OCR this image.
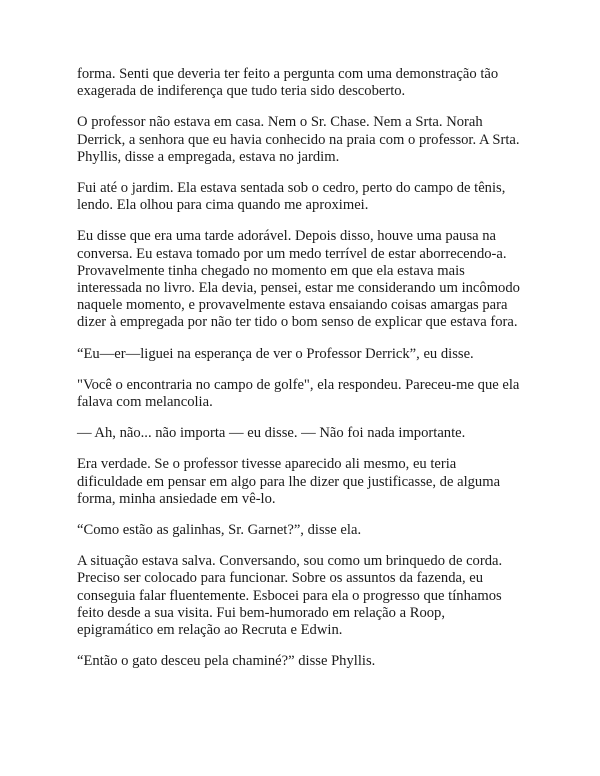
forma. Senti que deveria ter feito a pergunta com uma demonstração tão
exagerada de indiferença que tudo teria sido descoberto.

O professor não estava em casa. Nem o Sr. Chase. Nem a Srta. Norah
Derrick, a senhora que eu havia conhecido na praia com o professor. A Srta.
Phyllis, disse a empregada, estava no jardim.

Fui até o jardim. Ela estava sentada sob o cedro, perto do campo de tênis,
lendo. Ela olhou para cima quando me aproximei.

Eu disse que era uma tarde adorável. Depois disso, houve uma pausa na
conversa. Eu estava tomado por um medo terrível de estar aborrecendo-a.
Provavelmente tinha chegado no momento em que ela estava mais
interessada no livro. Ela devia, pensei, estar me considerando um incômodo
naquele momento, e provavelmente estava ensaiando coisas amargas para
dizer à empregada por não ter tido o bom senso de explicar que estava fora.

“Eu—er—liguei na esperança de ver o Professor Derrick”, eu disse.

"Você o encontraria no campo de golfe", ela respondeu. Pareceu-me que ela
falava com melancolia.

— Ah, não... não importa — eu disse. — Não foi nada importante.

Era verdade. Se o professor tivesse aparecido ali mesmo, eu teria
dificuldade em pensar em algo para lhe dizer que justificasse, de alguma
forma, minha ansiedade em vê-lo.

“Como estão as galinhas, Sr. Garnet?”, disse ela.

A situação estava salva. Conversando, sou como um brinquedo de corda.
Preciso ser colocado para funcionar. Sobre os assuntos da fazenda, eu
conseguia falar fluentemente. Esbocei para ela o progresso que tínhamos
feito desde a sua visita. Fui bem-humorado em relação a Roop,
epigramático em relação ao Recruta e Edwin.

“Então o gato desceu pela chaminé?” disse Phyllis.
